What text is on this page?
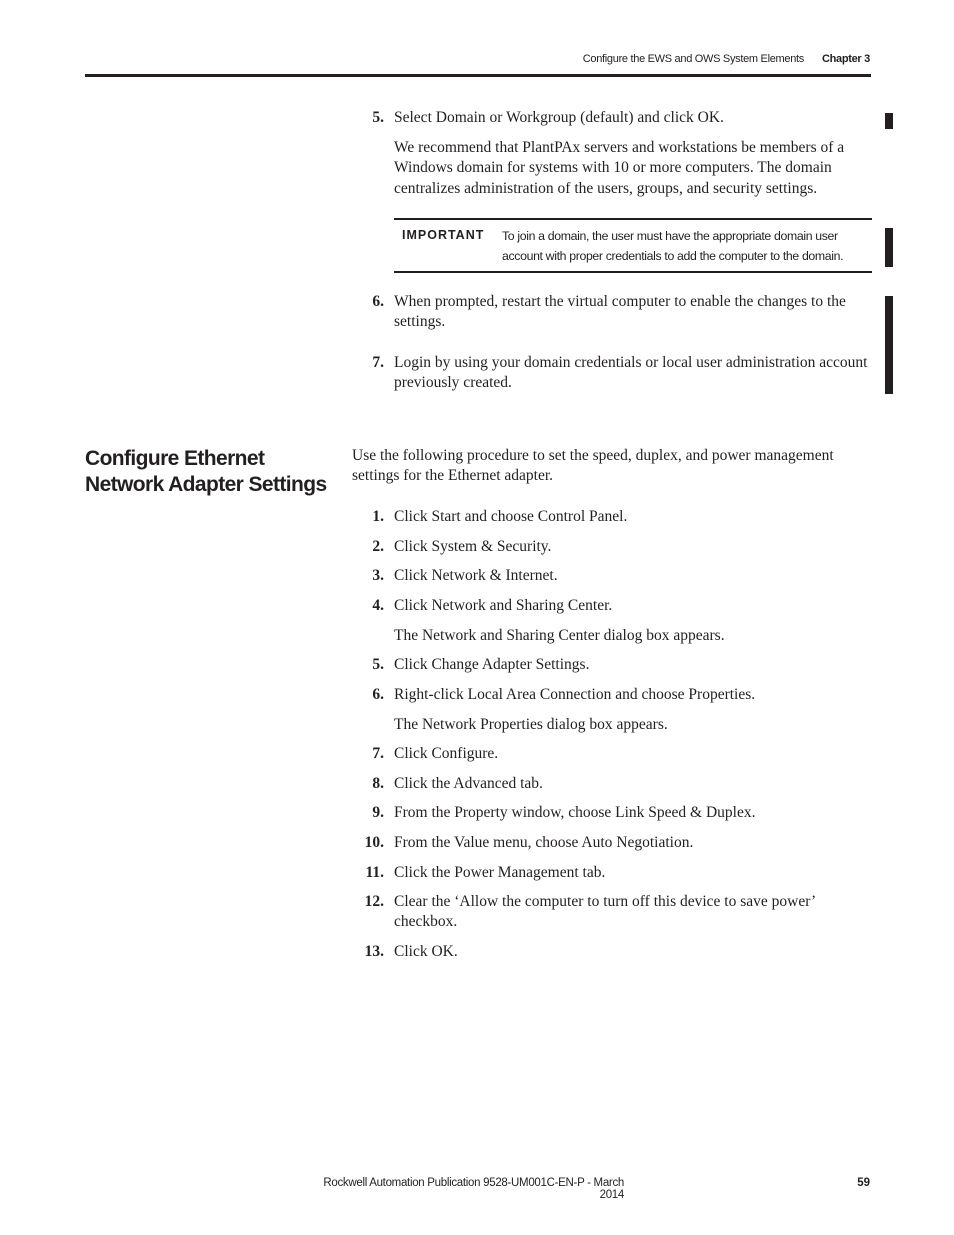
Configure the EWS and OWS System Elements	Chapter 3
5. Select Domain or Workgroup (default) and click OK.
We recommend that PlantPAx servers and workstations be members of a Windows domain for systems with 10 or more computers. The domain centralizes administration of the users, groups, and security settings.
IMPORTANT To join a domain, the user must have the appropriate domain user account with proper credentials to add the computer to the domain.
6. When prompted, restart the virtual computer to enable the changes to the settings.
7. Login by using your domain credentials or local user administration account previously created.
Configure Ethernet Network Adapter Settings
Use the following procedure to set the speed, duplex, and power management settings for the Ethernet adapter.
1. Click Start and choose Control Panel.
2. Click System & Security.
3. Click Network & Internet.
4. Click Network and Sharing Center.
The Network and Sharing Center dialog box appears.
5. Click Change Adapter Settings.
6. Right-click Local Area Connection and choose Properties.
The Network Properties dialog box appears.
7. Click Configure.
8. Click the Advanced tab.
9. From the Property window, choose Link Speed & Duplex.
10. From the Value menu, choose Auto Negotiation.
11. Click the Power Management tab.
12. Clear the ‘Allow the computer to turn off this device to save power’ checkbox.
13. Click OK.
Rockwell Automation Publication 9528-UM001C-EN-P - March 2014
59
